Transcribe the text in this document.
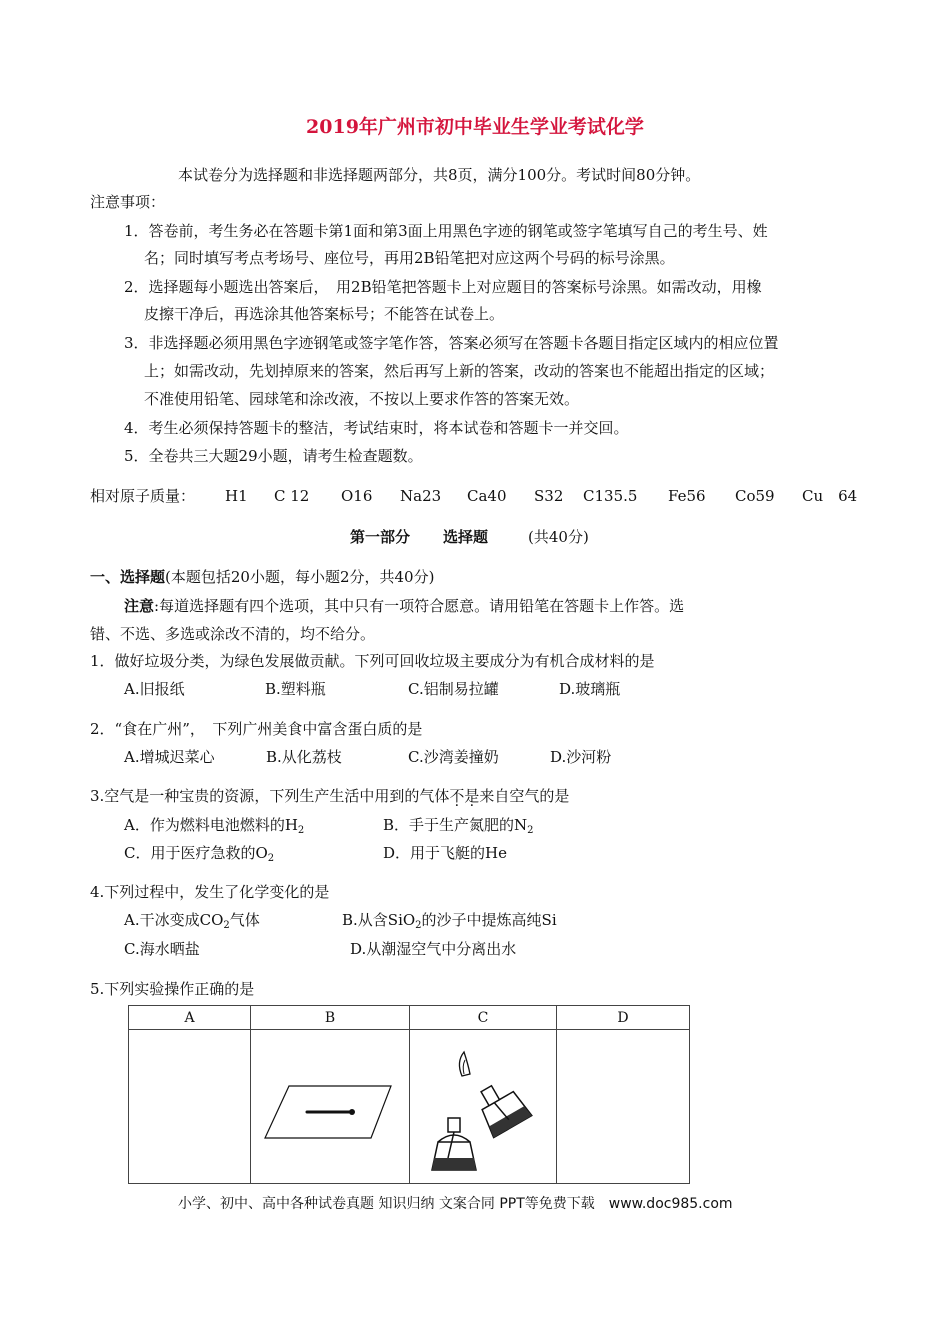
2019年广州市初中毕业生学业考试化学
本试卷分为选择题和非选择题两部分，共8页，满分100分。考试时间80分钟。
注意事项：
1．答卷前，考生务必在答题卡第1面和第3面上用黑色字迹的钢笔或签字笔填写自己的考生号、姓
名；同时填写考点考场号、座位号，再用2B铅笔把对应这两个号码的标号涂黑。
2．选择题每小题选出答案后，　用2B铅笔把答题卡上对应题目的答案标号涂黑。如需改动，用橡
皮擦干净后，再选涂其他答案标号；不能答在试卷上。
3．非选择题必须用黑色字迹钢笔或签字笔作答，答案必须写在答题卡各题目指定区域内的相应位置
上；如需改动，先划掉原来的答案，然后再写上新的答案，改动的答案也不能超出指定的区域；
不准使用铅笔、园球笔和涂改液，不按以上要求作答的答案无效。
4．考生必须保持答题卡的整洁，考试结束时，将本试卷和答题卡一并交回。
5．全卷共三大题29小题，请考生检查题数。
相对原子质量： H1 C 12 O16 Na23 Ca40 S32 C135.5 Fe56 Co59 Cu　64
第一部分 选择题	(共40分)
一、选择题(本题包括20小题，每小题2分，共40分)
注意:每道选择题有四个选项，其中只有一项符合愿意。请用铅笔在答题卡上作答。选
错、不选、多选或涂改不清的，均不给分。
1．做好垃圾分类，为绿色发展做贡献。下列可回收垃圾主要成分为有机合成材料的是
A.旧报纸	B.塑料瓶	C.铝制易拉罐	D.玻璃瓶
2．“食在广州”，　下列广州美食中富含蛋白质的是
A.增城迟菜心	B.从化荔枝	C.沙湾姜撞奶	D.沙河粉
3.空气是一种宝贵的资源，下列生产生活中用到的气体不是来自空气的是
A．作为燃料电池燃料的$H_2$	B．手于生产氮肥的$N_2$
C．用于医疗急救的$O_2$	D．用于飞艇的He
4.下列过程中，发生了化学变化的是
A.干冰变成$CO_2$气体	B.从含SiO$_2$的沙子中提炼高纯Si
C.海水晒盐	D.从潮湿空气中分离出水
5.下列实验操作正确的是
A	B	C	D

小学、初中、高中各种试卷真题 知识归纳 文案合同 PPT等免费下载　www.doc985.com
